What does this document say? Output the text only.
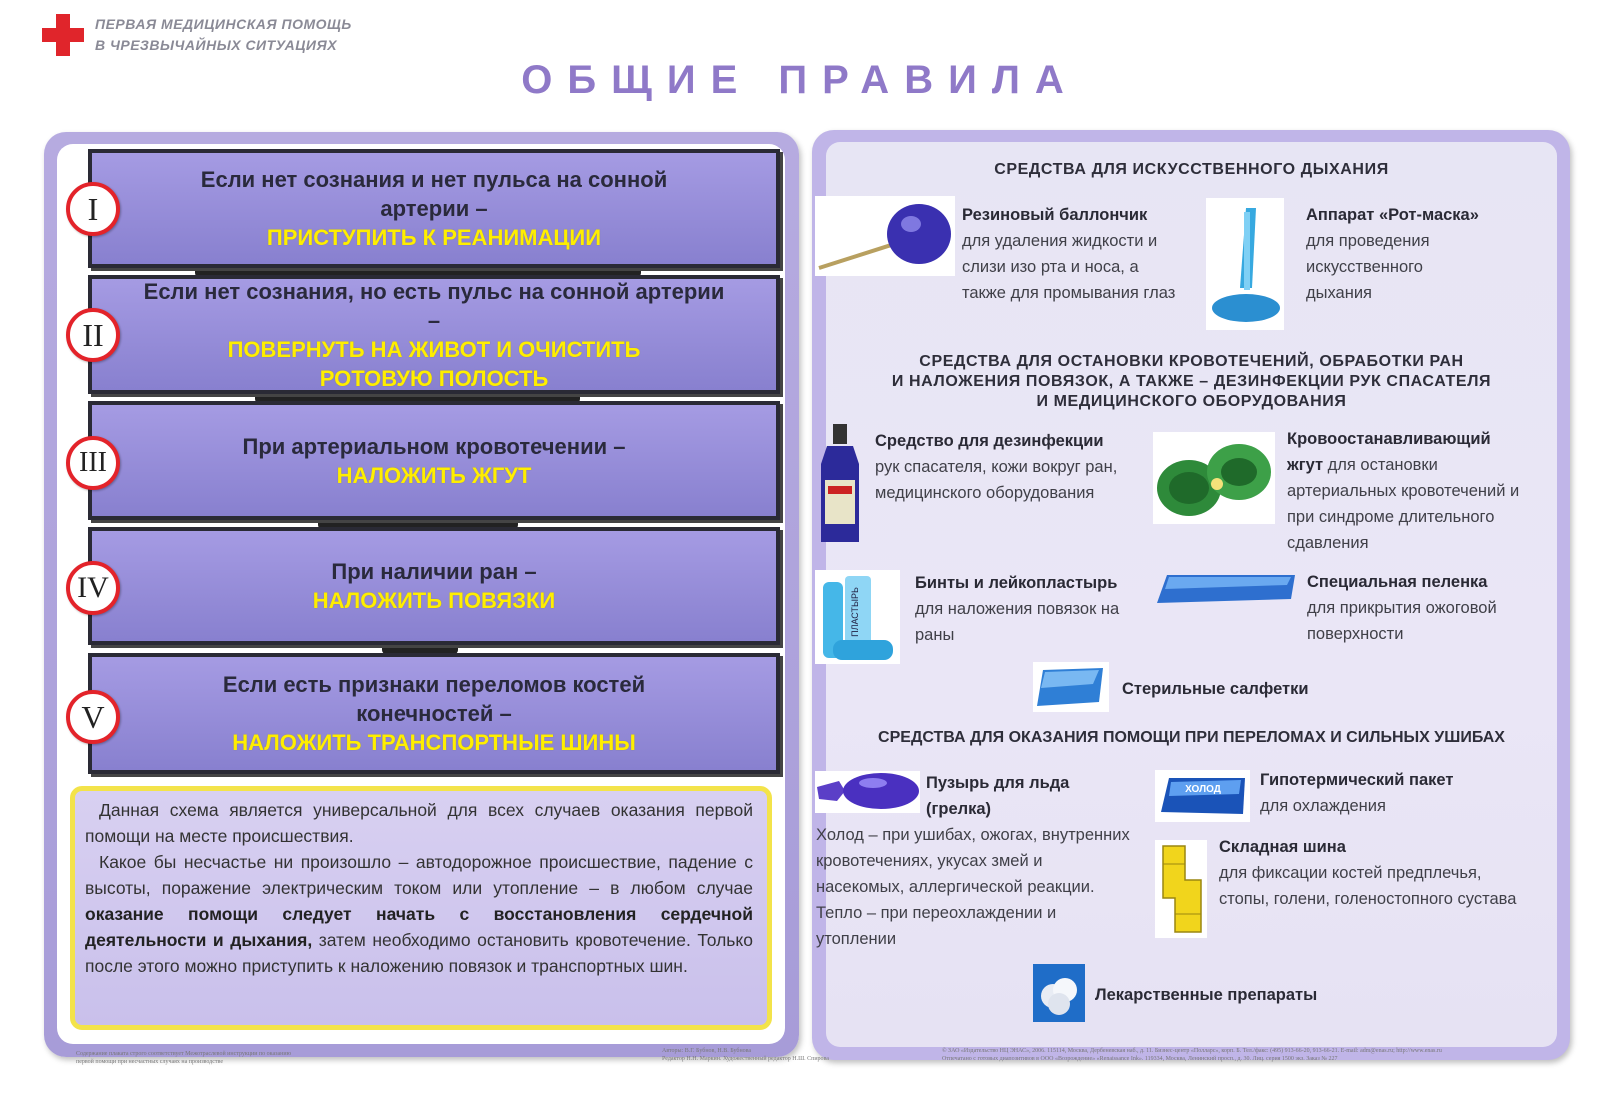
ПЕРВАЯ МЕДИЦИНСКАЯ ПОМОЩЬ
В ЧРЕЗВЫЧАЙНЫХ СИТУАЦИЯХ
ОБЩИЕ ПРАВИЛА
Если нет сознания и нет пульса на сонной артерии –
ПРИСТУПИТЬ К РЕАНИМАЦИИ
Если нет сознания, но есть пульс на сонной артерии –
ПОВЕРНУТЬ НА ЖИВОТ И ОЧИСТИТЬ РОТОВУЮ ПОЛОСТЬ
При артериальном кровотечении –
НАЛОЖИТЬ ЖГУТ
При наличии ран –
НАЛОЖИТЬ ПОВЯЗКИ
Если есть признаки переломов костей конечностей –
НАЛОЖИТЬ ТРАНСПОРТНЫЕ ШИНЫ
I
II
III
IV
V

Данная схема является универсальной для всех случаев оказания первой помощи на месте происшествия.

Какое бы несчастье ни произошло – автодорожное происшествие, падение с высоты, поражение электрическим током или утопление – в любом случае оказание помощи следует начать с восстановления сердечной деятельности и дыхания, затем необходимо остановить кровотечение. Только после этого можно приступить к наложению повязок и транспортных шин.

СРЕДСТВА ДЛЯ ИСКУССТВЕННОГО ДЫХАНИЯ
Резиновый баллончик
для удаления жидкости и слизи изо рта и носа, а также для промывания глаз
Аппарат «Рот-маска»
для проведения искусственного дыхания
СРЕДСТВА ДЛЯ ОСТАНОВКИ КРОВОТЕЧЕНИЙ, ОБРАБОТКИ РАН
И НАЛОЖЕНИЯ ПОВЯЗОК, А ТАКЖЕ – ДЕЗИНФЕКЦИИ РУК СПАСАТЕЛЯ
И МЕДИЦИНСКОГО ОБОРУДОВАНИЯ
Средство для дезинфекции рук спасателя, кожи вокруг ран, медицинского оборудования
Кровоостанавливающий жгут для остановки артериальных кровотечений и при синдроме длительного сдавления
ПЛАСТЫРЬ
Бинты и лейкопластырь
для наложения повязок на раны
Специальная пеленка
для прикрытия ожоговой поверхности
Стерильные салфетки
СРЕДСТВА ДЛЯ ОКАЗАНИЯ ПОМОЩИ ПРИ ПЕРЕЛОМАХ И СИЛЬНЫХ УШИБАХ
Пузырь для льда (грелка)
Холод – при ушибах, ожогах, внутренних кровотечениях, укусах змей и насекомых, аллергической реакции. Тепло – при переохлаждении и утоплении
ХОЛОД
Гипотермический пакет
для охлаждения
Складная шина
для фиксации костей предплечья, стопы, голени, голеностопного сустава
Лекарственные препараты
Содержание плаката строго соответствует Межотраслевой инструкции по оказанию первой помощи при несчастных случаях на производстве
Авторы: В.Г. Бубнов, Н.В. Бубнова
Редактор Н.Н. Маркин. Художественный редактор Н.Ш. Спирова
© ЗАО «Издательство НЦ ЭНАС», 2006. 115114, Москва, Дербеневская наб., д. 11. Бизнес-центр «Полларс», корп. Б. Тел./факс: (495) 913-66-20, 913-66-21. E-mail: adm@enas.ru; http://www.enas.ru
Отпечатано с готовых диапозитивов в ООО «Возрождение» «Renaissance Ink». 119334, Москва, Ленинский просп., д. 30. Лиц. серия 1500 экз. Заказ № 227
